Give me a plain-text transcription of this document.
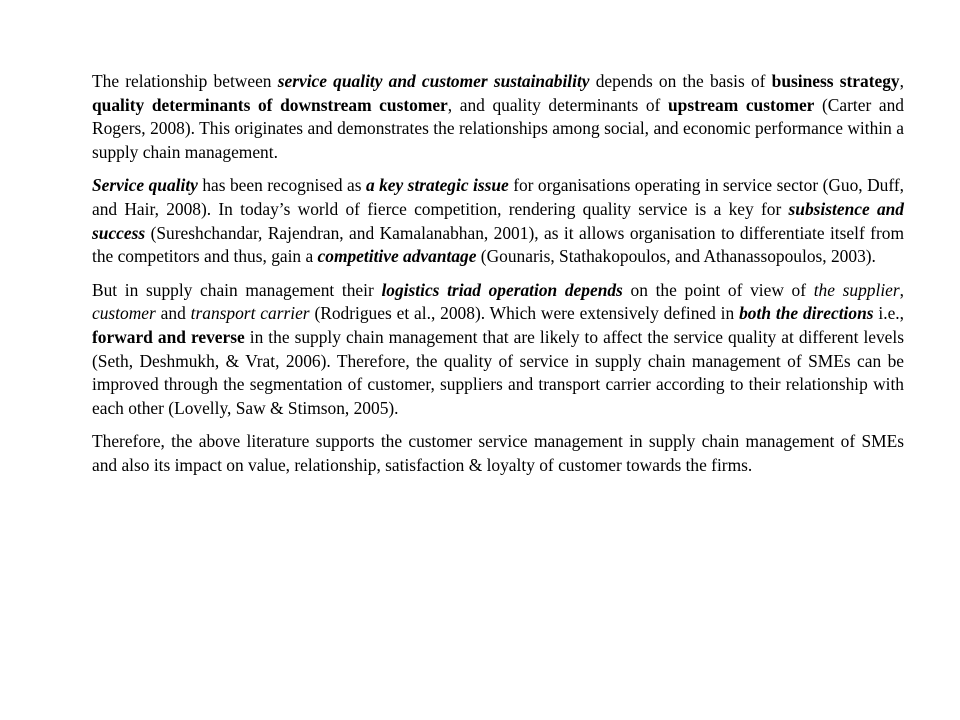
The relationship between service quality and customer sustainability depends on the basis of business strategy, quality determinants of downstream customer, and quality determinants of upstream customer (Carter and Rogers, 2008). This originates and demonstrates the relationships among social, and economic performance within a supply chain management.

Service quality has been recognised as a key strategic issue for organisations operating in service sector (Guo, Duff, and Hair, 2008). In today’s world of fierce competition, rendering quality service is a key for subsistence and success (Sureshchandar, Rajendran, and Kamalanabhan, 2001), as it allows organisation to differentiate itself from the competitors and thus, gain a competitive advantage (Gounaris, Stathakopoulos, and Athanassopoulos, 2003).

But in supply chain management their logistics triad operation depends on the point of view of the supplier, customer and transport carrier (Rodrigues et al., 2008). Which were extensively defined in both the directions i.e., forward and reverse in the supply chain management that are likely to affect the service quality at different levels (Seth, Deshmukh, & Vrat, 2006). Therefore, the quality of service in supply chain management of SMEs can be improved through the segmentation of customer, suppliers and transport carrier according to their relationship with each other (Lovelly, Saw & Stimson, 2005).

Therefore, the above literature supports the customer service management in supply chain management of SMEs and also its impact on value, relationship, satisfaction & loyalty of customer towards the firms.
